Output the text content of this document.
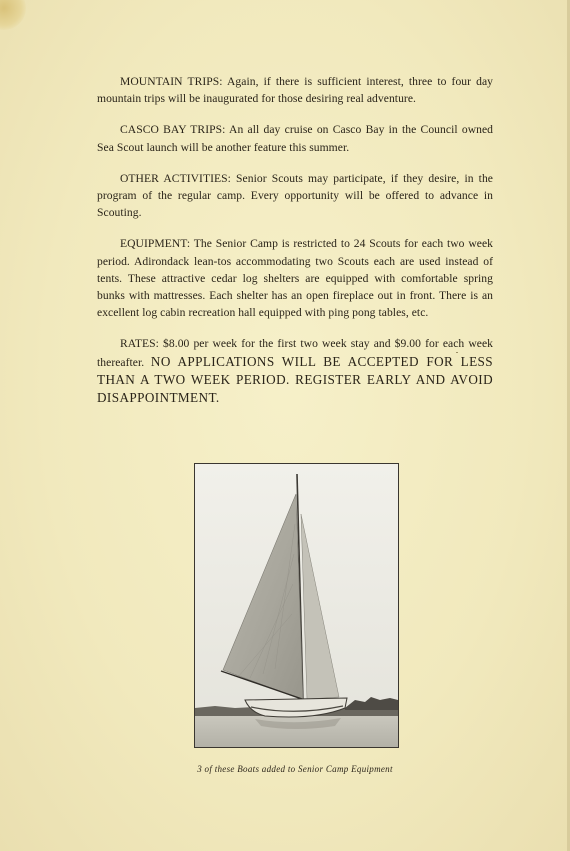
MOUNTAIN TRIPS: Again, if there is sufficient interest, three to four day mountain trips will be inaugurated for those desiring real adventure.

CASCO BAY TRIPS: An all day cruise on Casco Bay in the Council owned Sea Scout launch will be another feature this summer.

OTHER ACTIVITIES: Senior Scouts may participate, if they desire, in the program of the regular camp. Every opportunity will be offered to advance in Scouting.

EQUIPMENT: The Senior Camp is restricted to 24 Scouts for each two week period. Adirondack lean-tos accommodating two Scouts each are used instead of tents. These attractive cedar log shelters are equipped with comfortable spring bunks with mattresses. Each shelter has an open fireplace out in front. There is an excellent log cabin recreation hall equipped with ping pong tables, etc.

RATES: $8.00 per week for the first two week stay and $9.00 for each week thereafter. NO APPLICATIONS WILL BE ACCEPTED FOR LESS THAN A TWO WEEK PERIOD. REGISTER EARLY AND AVOID DISAPPOINTMENT.

3 of these Boats added to Senior Camp Equipment
